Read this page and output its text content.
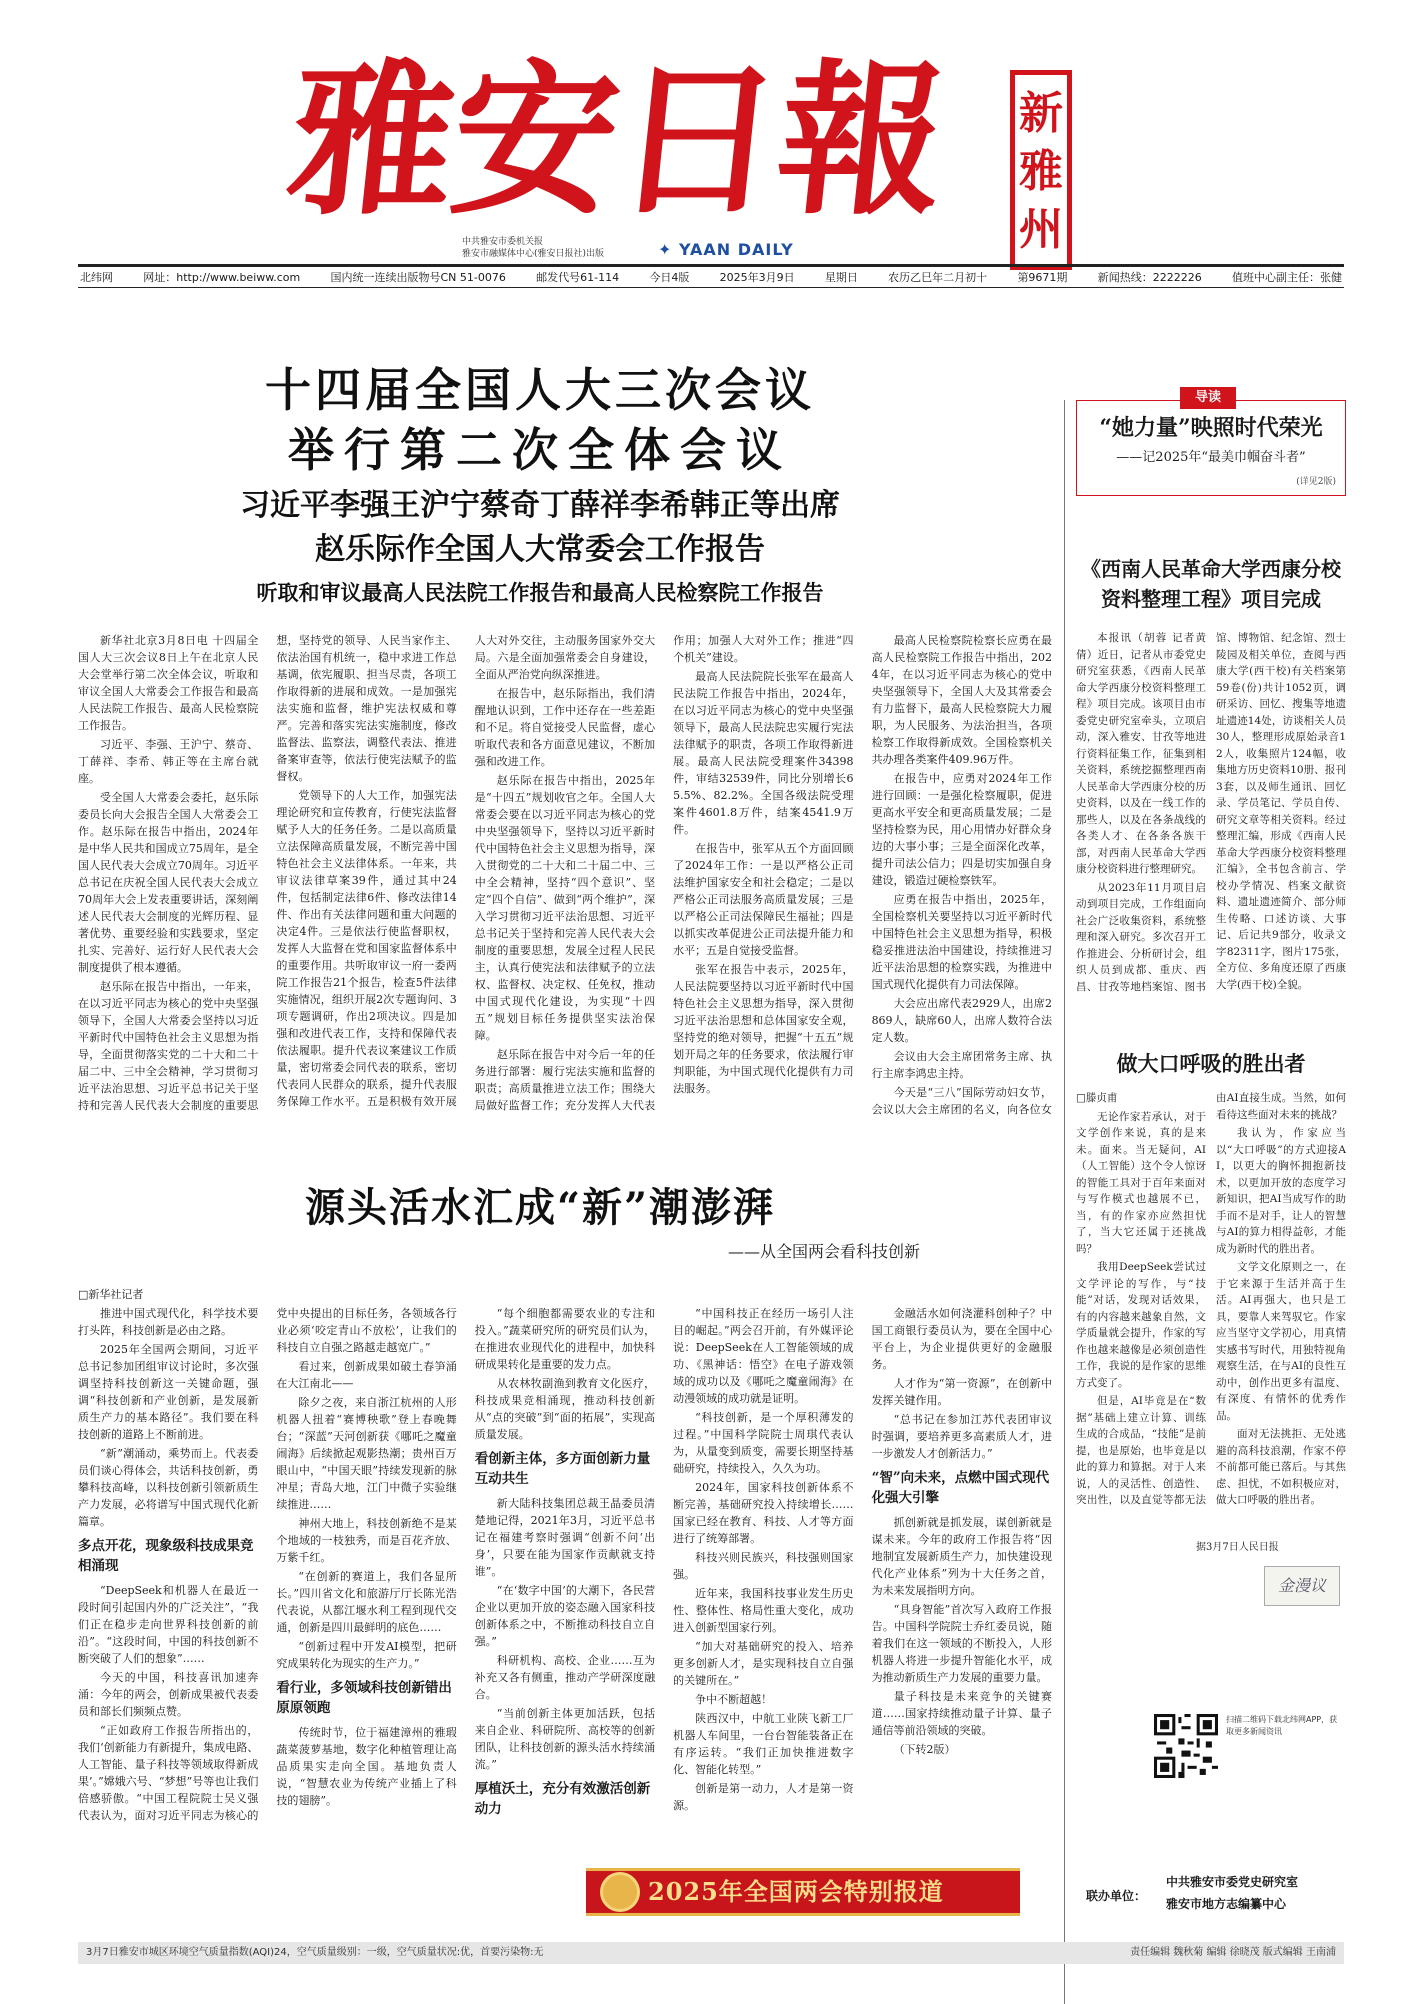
雅安日報	新雅州
中共雅安市委机关报
雅安市融媒体中心(雅安日报社)出版	✦ YAAN DAILY
北纬网	网址：http://www.beiww.com	国内统一连续出版物号CN 51-0076	邮发代号61-114	今日4版	2025年3月9日	星期日	农历乙巳年二月初十	第9671期	新闻热线：2222226	值班中心副主任：张健
十四届全国人大三次会议
举行第二次全体会议
习近平李强王沪宁蔡奇丁薛祥李希韩正等出席
赵乐际作全国人大常委会工作报告
听取和审议最高人民法院工作报告和最高人民检察院工作报告

新华社北京3月8日电 十四届全国人大三次会议8日上午在北京人民大会堂举行第二次全体会议，听取和审议全国人大常委会工作报告和最高人民法院工作报告、最高人民检察院工作报告。

习近平、李强、王沪宁、蔡奇、丁薛祥、李希、韩正等在主席台就座。

受全国人大常委会委托，赵乐际委员长向大会报告全国人大常委会工作。赵乐际在报告中指出，2024年是中华人民共和国成立75周年，是全国人民代表大会成立70周年。习近平总书记在庆祝全国人民代表大会成立70周年大会上发表重要讲话，深刻阐述人民代表大会制度的光辉历程、显著优势、重要经验和实践要求，坚定扎实、完善好、运行好人民代表大会制度提供了根本遵循。

赵乐际在报告中指出，一年来，在以习近平同志为核心的党中央坚强领导下，全国人大常委会坚持以习近平新时代中国特色社会主义思想为指导，全面贯彻落实党的二十大和二十届二中、三中全会精神，学习贯彻习近平法治思想、习近平总书记关于坚持和完善人民代表大会制度的重要思想，坚持党的领导、人民当家作主、依法治国有机统一，稳中求进工作总基调，依宪履职、担当尽责，各项工作取得新的进展和成效。一是加强宪法实施和监督，维护宪法权威和尊严。完善和落实宪法实施制度，修改监督法、监察法，调整代表法、推进备案审查等，依法行使宪法赋予的监督权。

党领导下的人大工作，加强宪法理论研究和宣传教育，行使宪法监督赋予人大的任务任务。二是以高质量立法保障高质量发展，不断完善中国特色社会主义法律体系。一年来，共审议法律草案39件，通过其中24件，包括制定法律6件、修改法律14件、作出有关法律问题和重大问题的决定4件。三是依法行使监督职权，发挥人大监督在党和国家监督体系中的重要作用。共听取审议一府一委两院工作报告21个报告，检查5件法律实施情况，组织开展2次专题询问、3项专题调研，作出2项决议。四是加强和改进代表工作，支持和保障代表依法履职。提升代表议案建议工作质量，密切常委会同代表的联系，密切代表同人民群众的联系，提升代表服务保障工作水平。五是积极有效开展人大对外交往，主动服务国家外交大局。六是全面加强常委会自身建设，全面从严治党向纵深推进。

在报告中，赵乐际指出，我们清醒地认识到，工作中还存在一些差距和不足。将自觉接受人民监督，虚心听取代表和各方面意见建议，不断加强和改进工作。

赵乐际在报告中指出，2025年是“十四五”规划收官之年。全国人大常委会要在以习近平同志为核心的党中央坚强领导下，坚持以习近平新时代中国特色社会主义思想为指导，深入贯彻党的二十大和二十届二中、三中全会精神，坚持“四个意识”、坚定“四个自信”、做到“两个维护”，深入学习贯彻习近平法治思想、习近平总书记关于坚持和完善人民代表大会制度的重要思想，发展全过程人民民主，认真行使宪法和法律赋予的立法权、监督权、决定权、任免权，推动中国式现代化建设，为实现“十四五”规划目标任务提供坚实法治保障。

赵乐际在报告中对今后一年的任务进行部署：履行宪法实施和监督的职责；高质量推进立法工作；围绕大局做好监督工作；充分发挥人大代表作用；加强人大对外工作；推进“四个机关”建设。

最高人民法院院长张军在最高人民法院工作报告中指出，2024年，在以习近平同志为核心的党中央坚强领导下，最高人民法院忠实履行宪法法律赋予的职责，各项工作取得新进展。最高人民法院受理案件34398件，审结32539件，同比分别增长65.5%、82.2%。全国各级法院受理案件4601.8万件，结案4541.9万件。

在报告中，张军从五个方面回顾了2024年工作：一是以严格公正司法维护国家安全和社会稳定；二是以严格公正司法服务高质量发展；三是以严格公正司法保障民生福祉；四是以抓实改革促进公正司法提升能力和水平；五是自觉接受监督。

张军在报告中表示，2025年，人民法院要坚持以习近平新时代中国特色社会主义思想为指导，深入贯彻习近平法治思想和总体国家安全观，坚持党的绝对领导，把握“十五五”规划开局之年的任务要求，依法履行审判职能，为中国式现代化提供有力司法服务。

最高人民检察院检察长应勇在最高人民检察院工作报告中指出，2024年，在以习近平同志为核心的党中央坚强领导下，全国人大及其常委会有力监督下，最高人民检察院大力履职，为人民服务、为法治担当，各项检察工作取得新成效。全国检察机关共办理各类案件409.96万件。

在报告中，应勇对2024年工作进行回顾：一是强化检察履职，促进更高水平安全和更高质量发展；二是坚持检察为民，用心用情办好群众身边的大事小事；三是全面深化改革，提升司法公信力；四是切实加强自身建设，锻造过硬检察铁军。

应勇在报告中指出，2025年，全国检察机关要坚持以习近平新时代中国特色社会主义思想为指导，积极稳妥推进法治中国建设，持续推进习近平法治思想的检察实践，为推进中国式现代化提供有力司法保障。

大会应出席代表2929人，出席2869人，缺席60人，出席人数符合法定人数。

会议由大会主席团常务主席、执行主席李鸿忠主持。

今天是“三八”国际劳动妇女节，会议以大会主席团的名义，向各位女

导读
“她力量”映照时代荣光
——记2025年“最美巾帼奋斗者”
(详见2版)
《西南人民革命大学西康分校
资料整理工程》项目完成

本报讯（胡蓉 记者黄倩）近日，记者从市委党史研究室获悉，《西南人民革命大学西康分校资料整理工程》项目完成。该项目由市委党史研究室牵头，立项启动，深入雅安、甘孜等地进行资料征集工作，征集到相关资料，系统挖掘整理西南人民革命大学西康分校的历史资料，以及在一线工作的那些人，以及在各条战线的各类人才、在各条各族干部，对西南人民革命大学西康分校资料进行整理研究。

从2023年11月项目启动到项目完成，工作组面向社会广泛收集资料，系统整理和深入研究。多次召开工作推进会、分析研讨会，组织人员到成都、重庆、西昌、甘孜等地档案馆、图书馆、博物馆、纪念馆、烈士陵园及相关单位，查阅与西康大学(西干校)有关档案第59卷(份)共计1052页，调研采访、回忆、搜集等地遗址遗迹14处，访谈相关人员30人，整理形成原始录音12人，收集照片124幅，收集地方历史资料10册、报刊3套，以及师生通讯、回忆录、学员笔记、学员自传、研究文章等相关资料。经过整理汇编，形成《西南人民革命大学西康分校资料整理汇编》，全书包含前言、学校办学情况、档案文献资料、遗址遗迹简介、部分师生传略、口述访谈、大事记、后记共9部分，收录文字82311字，图片175张，全方位、多角度还原了西康大学(西干校)全貌。

做大口呼吸的胜出者

□滕贞甫

无论作家若承认，对于文学创作来说，真的是来未。面来。当无疑问，AI（人工智能）这个令人惊讶的智能工具对于百年来面对与写作模式也越展不已，当，有的作家亦应然担忧了，当大它还属于还挑战吗？

我用DeepSeek尝试过文学评论的写作，与“技能”对话，发现对话效果，有的内容越来越象自然，文学质量就会提升，作家的写作也越来越像是必须创造性工作，我说的是作家的思维方式变了。

但是，AI毕竟是在“数据”基础上建立计算、训练生成的合成品，“技能”是前提，也是原始，也毕竟是以此的算力和算据。对于人来说，人的灵活性、创造性、突出性，以及直觉等都无法由AI直接生成。当然，如何看待这些面对未来的挑战？

我认为，作家应当以“大口呼吸”的方式迎接AI，以更大的胸怀拥抱新技术，以更加开放的态度学习新知识，把AI当成写作的助手而不是对手，让人的智慧与AI的算力相得益彰，才能成为新时代的胜出者。

文学文化原则之一，在于它来源于生活并高于生活。AI再强大，也只是工具，要靠人来驾驭它。作家应当坚守文学初心，用真情实感书写时代，用独特视角观察生活，在与AI的良性互动中，创作出更多有温度、有深度、有情怀的优秀作品。

面对无法挑拒、无处逃避的高科技浪潮，作家不停不前都可能已落后。与其焦虑、担忧，不如积极应对，做大口呼吸的胜出者。

据3月7日人民日报
金漫议
源头活水汇成“新”潮澎湃
——从全国两会看科技创新
□新华社记者

推进中国式现代化，科学技术要打头阵，科技创新是必由之路。

2025年全国两会期间，习近平总书记参加团组审议讨论时，多次强调坚持科技创新这一关键命题，强调“科技创新和产业创新，是发展新质生产力的基本路径”。我们要在科技创新的道路上不断前进。

“新”潮涌动，乘势而上。代表委员们谈心得体会，共话科技创新，勇攀科技高峰，以科技创新引领新质生产力发展，必将谱写中国式现代化新篇章。

多点开花，现象级科技成果竞相涌现

“DeepSeek和机器人在最近一段时间引起国内外的广泛关注”，“我们正在稳步走向世界科技创新的前沿”。“这段时间，中国的科技创新不断突破了人们的想象”……

今天的中国，科技喜讯加速奔涌：今年的两会，创新成果被代表委员和部长们频频点赞。

“正如政府工作报告所指出的，我们‘创新能力有新提升，集成电路、人工智能、量子科技等领域取得新成果’。”嫦娥六号、“梦想”号等也让我们倍感骄傲。“中国工程院院士吴义强代表认为，面对习近平同志为核心的党中央提出的目标任务，各领域各行业必须‘咬定青山不放松’，让我们的科技自立自强之路越走越宽广。”

看过来，创新成果如破土春笋涌在大江南北——

除夕之夜，来自浙江杭州的人形机器人扭着“赛博秧歌”登上春晚舞台；“深蓝”天河创新获《哪吒之魔童闹海》后续掀起观影热潮；贵州百万眼山中，“中国天眼”持续发现新的脉冲星；青岛大地，江门中微子实验继续推进……

神州大地上，科技创新绝不是某个地域的一枝独秀，而是百花齐放、万紫千红。

“在创新的赛道上，我们各显所长。”四川省文化和旅游厅厅长陈光浩代表说，从都江堰水利工程到现代交通，创新是四川最鲜明的底色……

“创新过程中开发AI模型，把研究成果转化为现实的生产力。”

看行业，多领域科技创新错出原原领跑

传统时节，位于福建漳州的雅瑕蔬菜菠萝基地，数字化种植管理让高品质果实走向全国。基地负责人说，“智慧农业为传统产业插上了科技的翅膀”。

“每个细胞都需要农业的专注和投入。”蔬菜研究所的研究员们认为，在推进农业现代化的进程中，加快科研成果转化是重要的发力点。

从农林牧副渔到教育文化医疗，科技成果竞相涌现，推动科技创新从“点的突破”到“面的拓展”，实现高质量发展。

看创新主体，多方面创新力量互动共生

新大陆科技集团总裁王晶委员清楚地记得，2021年3月，习近平总书记在福建考察时强调“创新不问‘出身’，只要在能为国家作贡献就支持谁”。

“在‘数字中国’的大潮下，各民营企业以更加开放的姿态融入国家科技创新体系之中，不断推动科技自立自强。”

科研机构、高校、企业……互为补充又各有侧重，推动产学研深度融合。

“当前创新主体更加活跃，包括来自企业、科研院所、高校等的创新团队，让科技创新的源头活水持续涌流。”

厚植沃土，充分有效激活创新动力

“中国科技正在经历一场引人注目的崛起。”两会召开前，有外媒评论说：DeepSeek在人工智能领域的成功、《黑神话：悟空》在电子游戏领域的成功以及《哪吒之魔童闹海》在动漫领域的成功就是证明。

“科技创新，是一个厚积薄发的过程。”中国科学院院士周琪代表认为，从量变到质变，需要长期坚持基础研究，持续投入，久久为功。

2024年，国家科技创新体系不断完善，基础研究投入持续增长……国家已经在教育、科技、人才等方面进行了统筹部署。

科技兴则民族兴，科技强则国家强。

近年来，我国科技事业发生历史性、整体性、格局性重大变化，成功进入创新型国家行列。

“加大对基础研究的投入、培养更多创新人才，是实现科技自立自强的关键所在。”

争中不断超越！

陕西汉中，中航工业陕飞新工厂机器人车间里，一台台智能装备正在有序运转。“我们正加快推进数字化、智能化转型。”

创新是第一动力，人才是第一资源。

金融活水如何浇灌科创种子？中国工商银行委员认为，要在全国中心平台上，为企业提供更好的金融服务。

人才作为“第一资源”，在创新中发挥关键作用。

“总书记在参加江苏代表团审议时强调，要培养更多高素质人才，进一步激发人才创新活力。”

“智”向未来，点燃中国式现代化强大引擎

抓创新就是抓发展，谋创新就是谋未来。今年的政府工作报告将“因地制宜发展新质生产力，加快建设现代化产业体系”列为十大任务之首，为未来发展指明方向。

“具身智能”首次写入政府工作报告。中国科学院院士乔红委员说，随着我们在这一领域的不断投入，人形机器人将进一步提升智能化水平，成为推动新质生产力发展的重要力量。

量子科技是未来竞争的关键赛道……国家持续推动量子计算、量子通信等前沿领域的突破。

（下转2版）

扫描二维码下载北纬网APP，获取更多新闻资讯
2025年全国两会特别报道	联办单位：
中共雅安市委党史研究室
雅安市地方志编纂中心
3月7日雅安市城区环境空气质量指数(AQI)24，空气质量级别：一级，空气质量状况:优，首要污染物:无	责任编辑 魏秋菊 编辑 徐晓茂 版式编辑 王南浦
